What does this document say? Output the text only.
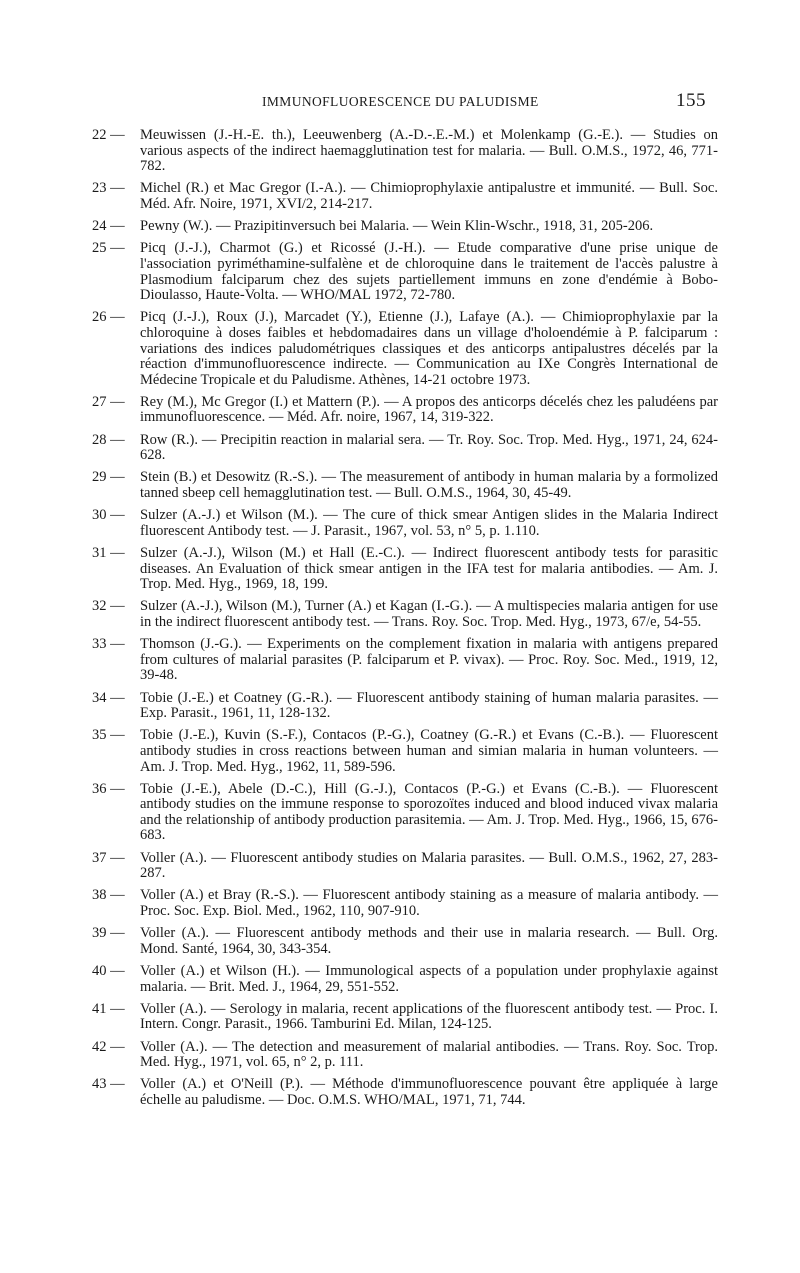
IMMUNOFLUORESCENCE DU PALUDISME	155
22 —	Meuwissen (J.-H.-E. th.), Leeuwenberg (A.-D.-.E.-M.) et Molenkamp (G.-E.). — Studies on various aspects of the indirect haemagglutination test for malaria. — Bull. O.M.S., 1972, 46, 771-782.
23 —	Michel (R.) et Mac Gregor (I.-A.). — Chimioprophylaxie antipalustre et immunité. — Bull. Soc. Méd. Afr. Noire, 1971, XVI/2, 214-217.
24 —	Pewny (W.). — Prazipitinversuch bei Malaria. — Wein Klin-Wschr., 1918, 31, 205-206.
25 —	Picq (J.-J.), Charmot (G.) et Ricossé (J.-H.). — Etude comparative d'une prise unique de l'association pyriméthamine-sulfalène et de chloroquine dans le traitement de l'accès palustre à Plasmodium falciparum chez des sujets partiellement immuns en zone d'endémie à Bobo-Dioulasso, Haute-Volta. — WHO/MAL 1972, 72-780.
26 —	Picq (J.-J.), Roux (J.), Marcadet (Y.), Etienne (J.), Lafaye (A.). — Chimioprophylaxie par la chloroquine à doses faibles et hebdomadaires dans un village d'holoendémie à P. falciparum : variations des indices paludométriques classiques et des anticorps antipalustres décelés par la réaction d'immunofluorescence indirecte. — Communication au IXe Congrès International de Médecine Tropicale et du Paludisme. Athènes, 14-21 octobre 1973.
27 —	Rey (M.), Mc Gregor (I.) et Mattern (P.). — A propos des anticorps décelés chez les paludéens par immunofluorescence. — Méd. Afr. noire, 1967, 14, 319-322.
28 —	Row (R.). — Precipitin reaction in malarial sera. — Tr. Roy. Soc. Trop. Med. Hyg., 1971, 24, 624-628.
29 —	Stein (B.) et Desowitz (R.-S.). — The measurement of antibody in human malaria by a formolized tanned sbeep cell hemagglutination test. — Bull. O.M.S., 1964, 30, 45-49.
30 —	Sulzer (A.-J.) et Wilson (M.). — The cure of thick smear Antigen slides in the Malaria Indirect fluorescent Antibody test. — J. Parasit., 1967, vol. 53, n° 5, p. 1.110.
31 —	Sulzer (A.-J.), Wilson (M.) et Hall (E.-C.). — Indirect fluorescent antibody tests for parasitic diseases. An Evaluation of thick smear antigen in the IFA test for malaria antibodies. — Am. J. Trop. Med. Hyg., 1969, 18, 199.
32 —	Sulzer (A.-J.), Wilson (M.), Turner (A.) et Kagan (I.-G.). — A multispecies malaria antigen for use in the indirect fluorescent antibody test. — Trans. Roy. Soc. Trop. Med. Hyg., 1973, 67/e, 54-55.
33 —	Thomson (J.-G.). — Experiments on the complement fixation in malaria with antigens prepared from cultures of malarial parasites (P. falciparum et P. vivax). — Proc. Roy. Soc. Med., 1919, 12, 39-48.
34 —	Tobie (J.-E.) et Coatney (G.-R.). — Fluorescent antibody staining of human malaria parasites. — Exp. Parasit., 1961, 11, 128-132.
35 —	Tobie (J.-E.), Kuvin (S.-F.), Contacos (P.-G.), Coatney (G.-R.) et Evans (C.-B.). — Fluorescent antibody studies in cross reactions between human and simian malaria in human volunteers. — Am. J. Trop. Med. Hyg., 1962, 11, 589-596.
36 —	Tobie (J.-E.), Abele (D.-C.), Hill (G.-J.), Contacos (P.-G.) et Evans (C.-B.). — Fluorescent antibody studies on the immune response to sporozoïtes induced and blood induced vivax malaria and the relationship of antibody production parasitemia. — Am. J. Trop. Med. Hyg., 1966, 15, 676-683.
37 —	Voller (A.). — Fluorescent antibody studies on Malaria parasites. — Bull. O.M.S., 1962, 27, 283-287.
38 —	Voller (A.) et Bray (R.-S.). — Fluorescent antibody staining as a measure of malaria antibody. — Proc. Soc. Exp. Biol. Med., 1962, 110, 907-910.
39 —	Voller (A.). — Fluorescent antibody methods and their use in malaria research. — Bull. Org. Mond. Santé, 1964, 30, 343-354.
40 —	Voller (A.) et Wilson (H.). — Immunological aspects of a population under prophylaxie against malaria. — Brit. Med. J., 1964, 29, 551-552.
41 —	Voller (A.). — Serology in malaria, recent applications of the fluorescent antibody test. — Proc. I. Intern. Congr. Parasit., 1966. Tamburini Ed. Milan, 124-125.
42 —	Voller (A.). — The detection and measurement of malarial antibodies. — Trans. Roy. Soc. Trop. Med. Hyg., 1971, vol. 65, n° 2, p. 111.
43 —	Voller (A.) et O'Neill (P.). — Méthode d'immunofluorescence pouvant être appliquée à large échelle au paludisme. — Doc. O.M.S. WHO/MAL, 1971, 71, 744.
